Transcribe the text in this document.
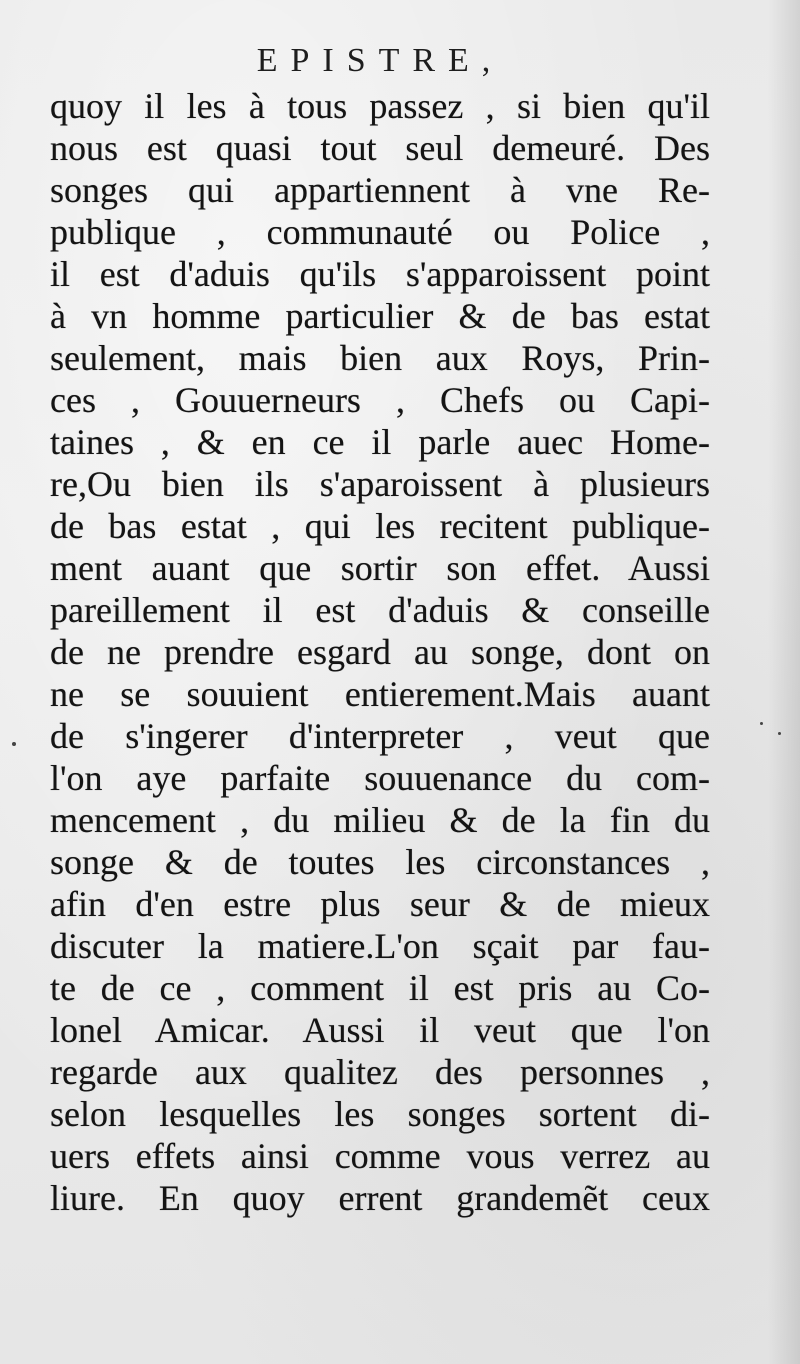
EPISTRE,
quoy il les à tous passez , si bien qu'il
nous est quasi tout seul demeuré. Des
songes qui appartiennent à vne Re-
publique , communauté ou Police ,
il est d'aduis qu'ils s'apparoissent point
à vn homme particulier & de bas estat
seulement, mais bien aux Roys, Prin-
ces , Gouuerneurs , Chefs ou Capi-
taines , & en ce il parle auec Home-
re,Ou bien ils s'aparoissent à plusieurs
de bas estat , qui les recitent publique-
ment auant que sortir son effet. Aussi
pareillement il est d'aduis & conseille
de ne prendre esgard au songe, dont on
ne se souuient entierement.Mais auant
de s'ingerer d'interpreter , veut que
l'on aye parfaite souuenance du com-
mencement , du milieu & de la fin du
songe & de toutes les circonstances ,
afin d'en estre plus seur & de mieux
discuter la matiere.L'on sçait par fau-
te de ce , comment il est pris au Co-
lonel Amicar. Aussi il veut que l'on
regarde aux qualitez des personnes ,
selon lesquelles les songes sortent di-
uers effets ainsi comme vous verrez au
liure. En quoy errent grandemẽt ceux
